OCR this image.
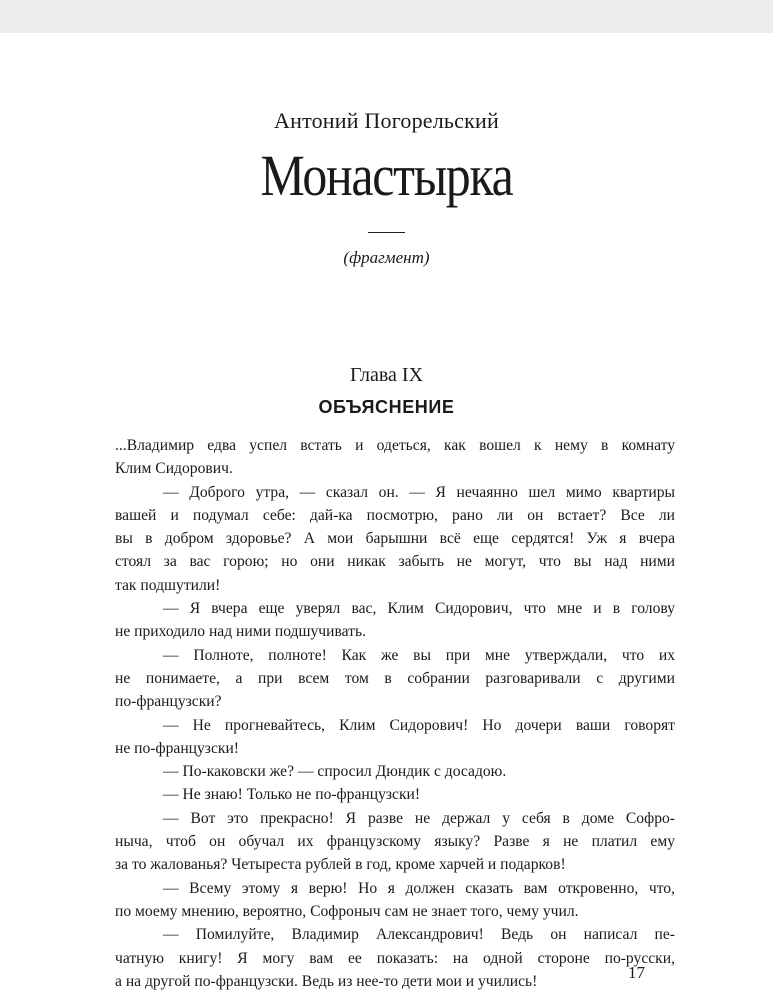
Антоний Погорельский
Монастырка
(фрагмент)
Глава IX
ОБЪЯСНЕНИЕ
...Владимир едва успел встать и одеться, как вошел к нему в комнату
Клим Сидорович.
— Доброго утра, — сказал он. — Я нечаянно шел мимо квартиры
вашей и подумал себе: дай-ка посмотрю, рано ли он встает? Все ли
вы в добром здоровье? А мои барышни всё еще сердятся! Уж я вчера
стоял за вас горою; но они никак забыть не могут, что вы над ними
так подшутили!
— Я вчера еще уверял вас, Клим Сидорович, что мне и в голову
не приходило над ними подшучивать.
— Полноте, полноте! Как же вы при мне утверждали, что их
не понимаете, а при всем том в собрании разговаривали с другими
по-французски?
— Не прогневайтесь, Клим Сидорович! Но дочери ваши говорят
не по-французски!
— По-каковски же? — спросил Дюндик с досадою.
— Не знаю! Только не по-французски!
— Вот это прекрасно! Я разве не держал у себя в доме Софро-
ныча, чтоб он обучал их французскому языку? Разве я не платил ему
за то жалованья? Четыреста рублей в год, кроме харчей и подарков!
— Всему этому я верю! Но я должен сказать вам откровенно, что,
по моему мнению, вероятно, Софроныч сам не знает того, чему учил.
— Помилуйте, Владимир Александрович! Ведь он написал пе-
чатную книгу! Я могу вам ее показать: на одной стороне по-русски,
а на другой по-французски. Ведь из нее-то дети мои и учились!	17
